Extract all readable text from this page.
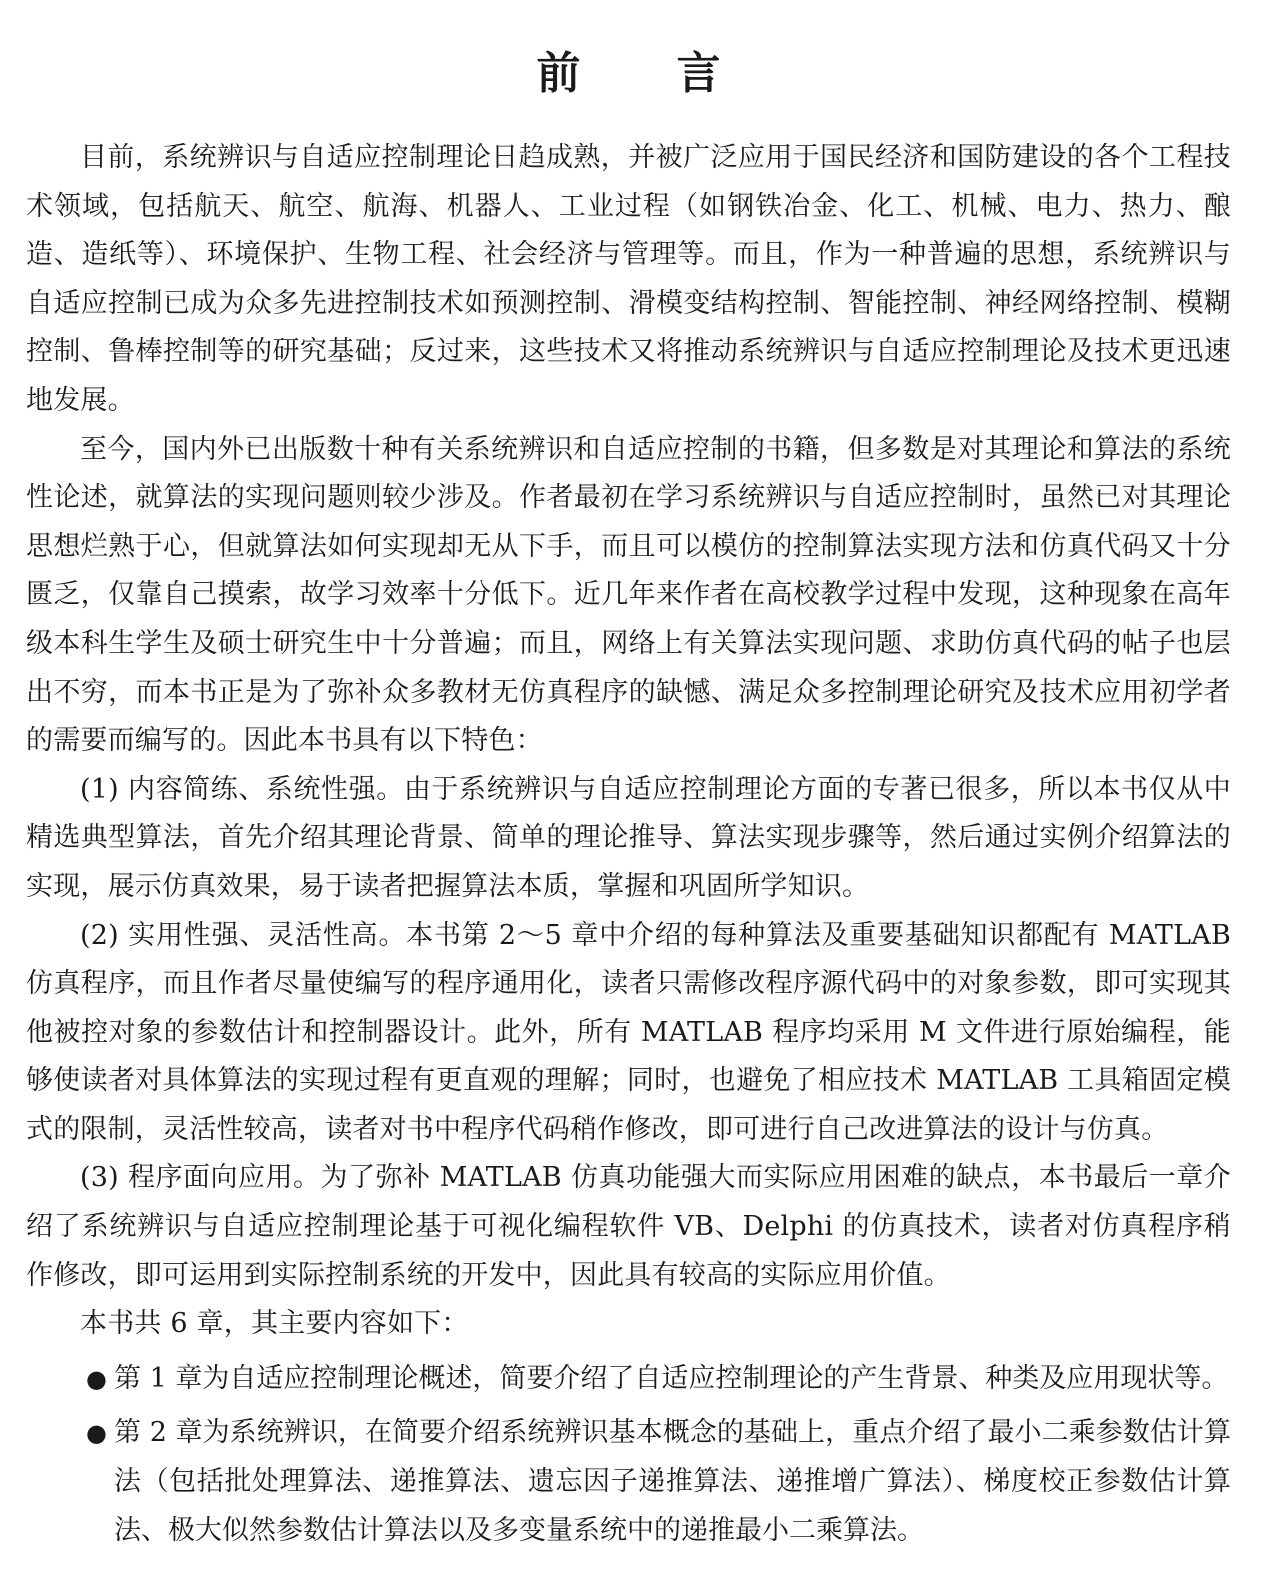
前 言

目前，系统辨识与自适应控制理论日趋成熟，并被广泛应用于国民经济和国防建设的各个工程技术领域，包括航天、航空、航海、机器人、工业过程（如钢铁冶金、化工、机械、电力、热力、酿造、造纸等）、环境保护、生物工程、社会经济与管理等。而且，作为一种普遍的思想，系统辨识与自适应控制已成为众多先进控制技术如预测控制、滑模变结构控制、智能控制、神经网络控制、模糊控制、鲁棒控制等的研究基础；反过来，这些技术又将推动系统辨识与自适应控制理论及技术更迅速地发展。

至今，国内外已出版数十种有关系统辨识和自适应控制的书籍，但多数是对其理论和算法的系统性论述，就算法的实现问题则较少涉及。作者最初在学习系统辨识与自适应控制时，虽然已对其理论思想烂熟于心，但就算法如何实现却无从下手，而且可以模仿的控制算法实现方法和仿真代码又十分匮乏，仅靠自己摸索，故学习效率十分低下。近几年来作者在高校教学过程中发现，这种现象在高年级本科生学生及硕士研究生中十分普遍；而且，网络上有关算法实现问题、求助仿真代码的帖子也层出不穷，而本书正是为了弥补众多教材无仿真程序的缺憾、满足众多控制理论研究及技术应用初学者的需要而编写的。因此本书具有以下特色：

(1) 内容简练、系统性强。由于系统辨识与自适应控制理论方面的专著已很多，所以本书仅从中精选典型算法，首先介绍其理论背景、简单的理论推导、算法实现步骤等，然后通过实例介绍算法的实现，展示仿真效果，易于读者把握算法本质，掌握和巩固所学知识。

(2) 实用性强、灵活性高。本书第 2～5 章中介绍的每种算法及重要基础知识都配有 MATLAB 仿真程序，而且作者尽量使编写的程序通用化，读者只需修改程序源代码中的对象参数，即可实现其他被控对象的参数估计和控制器设计。此外，所有 MATLAB 程序均采用 M 文件进行原始编程，能够使读者对具体算法的实现过程有更直观的理解；同时，也避免了相应技术 MATLAB 工具箱固定模式的限制，灵活性较高，读者对书中程序代码稍作修改，即可进行自己改进算法的设计与仿真。

(3) 程序面向应用。为了弥补 MATLAB 仿真功能强大而实际应用困难的缺点，本书最后一章介绍了系统辨识与自适应控制理论基于可视化编程软件 VB、Delphi 的仿真技术，读者对仿真程序稍作修改，即可运用到实际控制系统的开发中，因此具有较高的实际应用价值。

本书共 6 章，其主要内容如下：

● 第 1 章为自适应控制理论概述，简要介绍了自适应控制理论的产生背景、种类及应用现状等。
● 第 2 章为系统辨识，在简要介绍系统辨识基本概念的基础上，重点介绍了最小二乘参数估计算法（包括批处理算法、递推算法、遗忘因子递推算法、递推增广算法）、梯度校正参数估计算法、极大似然参数估计算法以及多变量系统中的递推最小二乘算法。
